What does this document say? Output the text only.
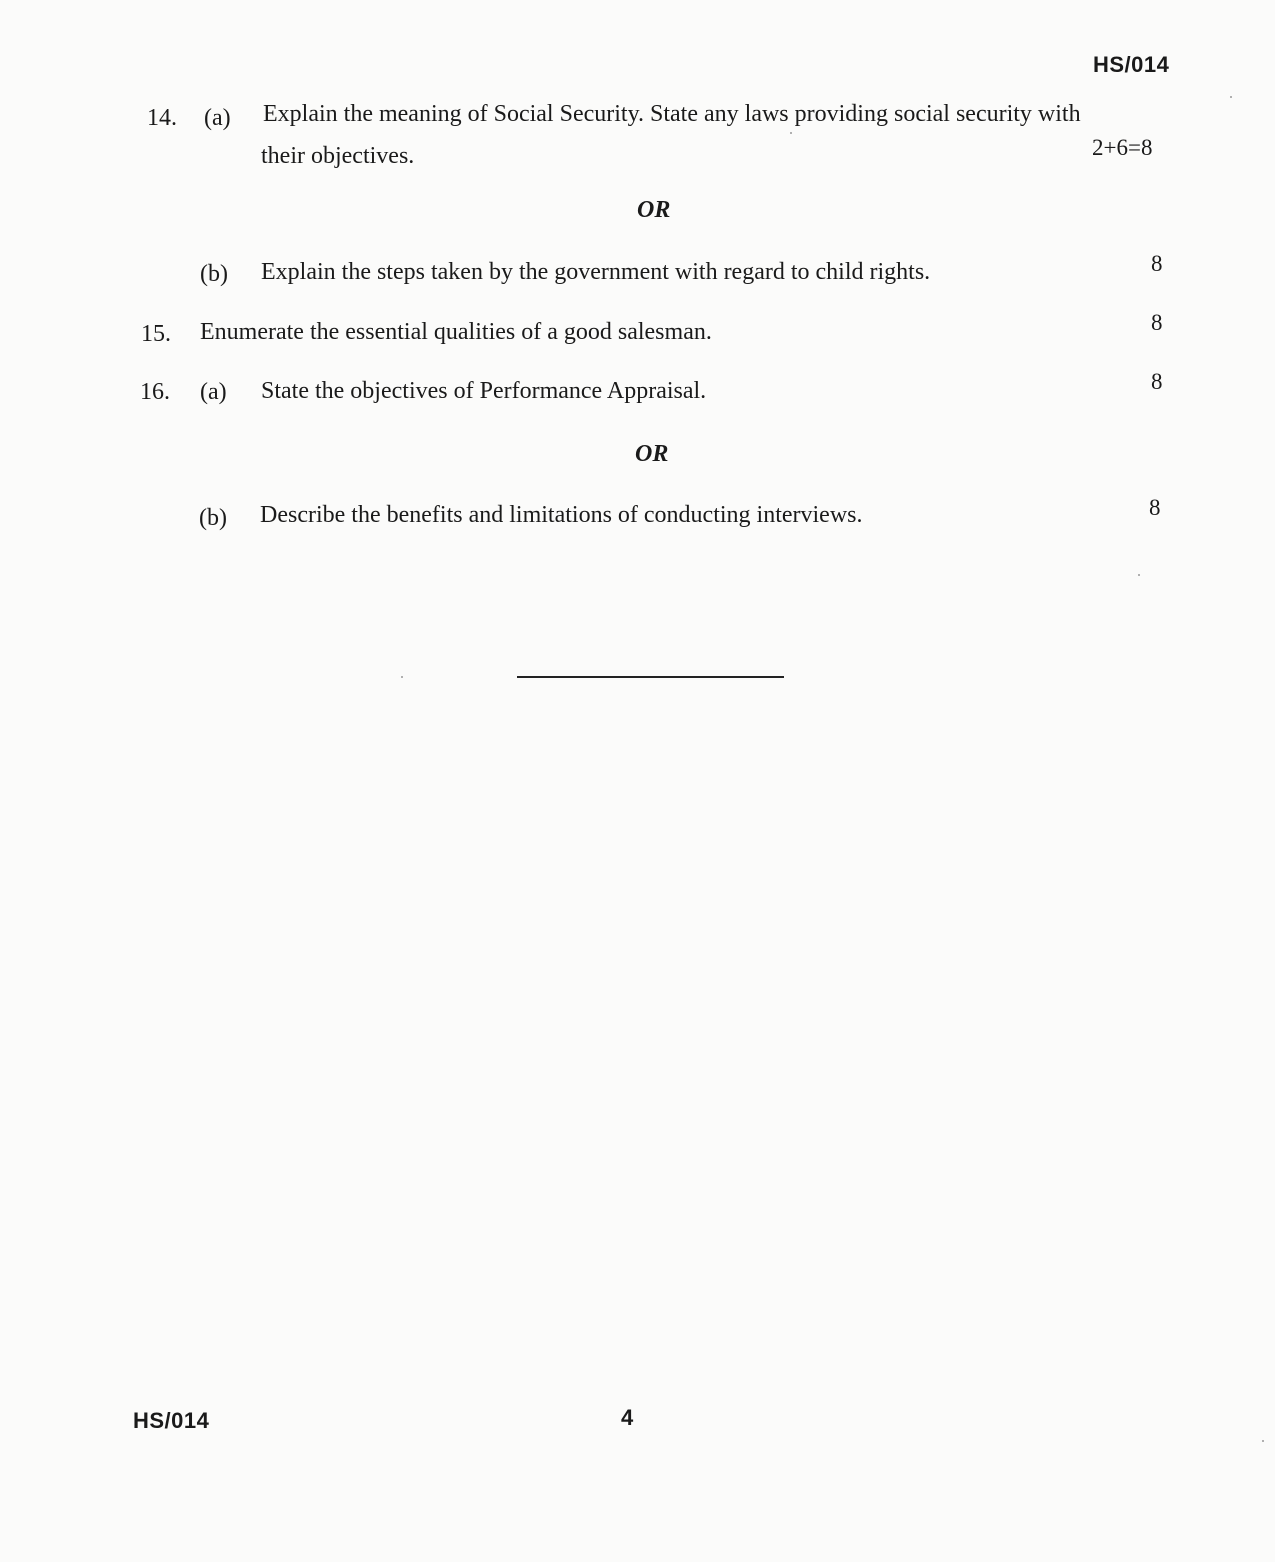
HS/014
14. (a) Explain the meaning of Social Security. State any laws providing social security with
their objectives.	2+6=8
OR
(b) Explain the steps taken by the government with regard to child rights.	8
15. Enumerate the essential qualities of a good salesman.	8
16. (a) State the objectives of Performance Appraisal.	8
OR
(b) Describe the benefits and limitations of conducting interviews.	8
HS/014	4
